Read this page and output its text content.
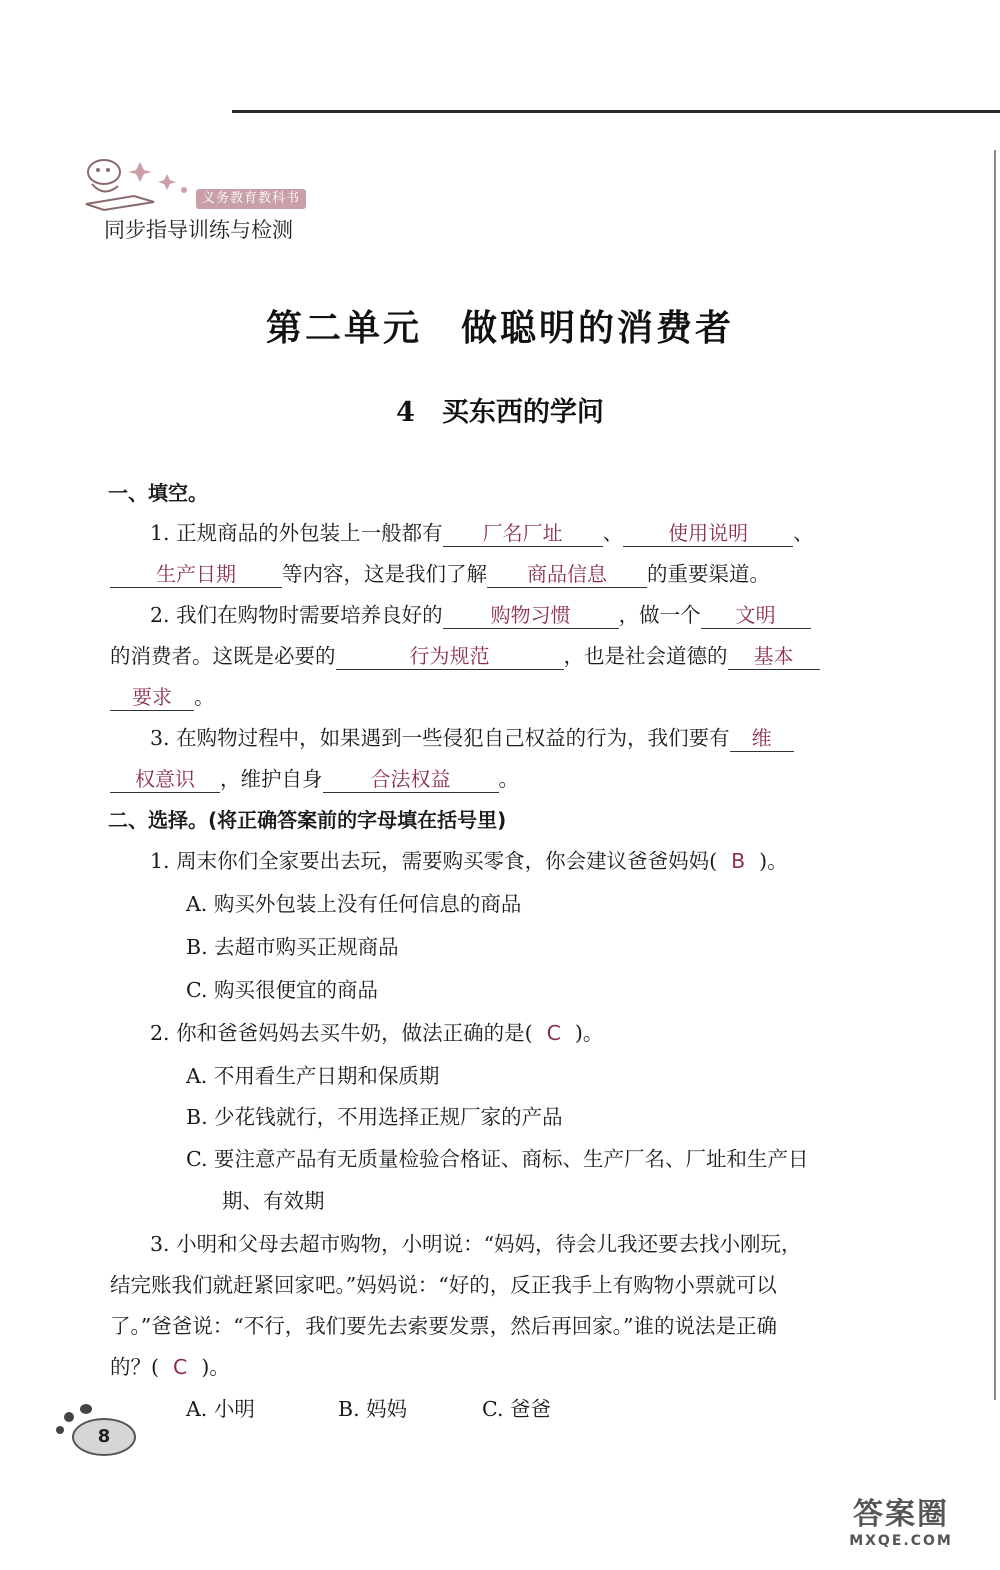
义务教育教科书
同步指导训练与检测
第二单元　做聪明的消费者
4　买东西的学问
一、填空。
1. 正规商品的外包装上一般都有 厂名厂址 、 使用说明 、
生产日期 等内容，这是我们了解 商品信息 的重要渠道。
2. 我们在购物时需要培养良好的 购物习惯 ，做一个 文明
的消费者。这既是必要的	行为规范	，也是社会道德的 基本
要求 。
3. 在购物过程中，如果遇到一些侵犯自己权益的行为，我们要有 维
权意识 ，维护自身 合法权益 。
二、选择。(将正确答案前的字母填在括号里)
1. 周末你们全家要出去玩，需要购买零食，你会建议爸爸妈妈( B )。
A. 购买外包装上没有任何信息的商品
B. 去超市购买正规商品
C. 购买很便宜的商品
2. 你和爸爸妈妈去买牛奶，做法正确的是( C )。
A. 不用看生产日期和保质期
B. 少花钱就行，不用选择正规厂家的产品
C. 要注意产品有无质量检验合格证、商标、生产厂名、厂址和生产日
期、有效期
3. 小明和父母去超市购物，小明说：“妈妈，待会儿我还要去找小刚玩，
结完账我们就赶紧回家吧。”妈妈说：“好的，反正我手上有购物小票就可以
了。”爸爸说：“不行，我们要先去索要发票，然后再回家。”谁的说法是正确
的？( C )。
A. 小明	B. 妈妈	C. 爸爸
8
答案圈
MXQE.COM
